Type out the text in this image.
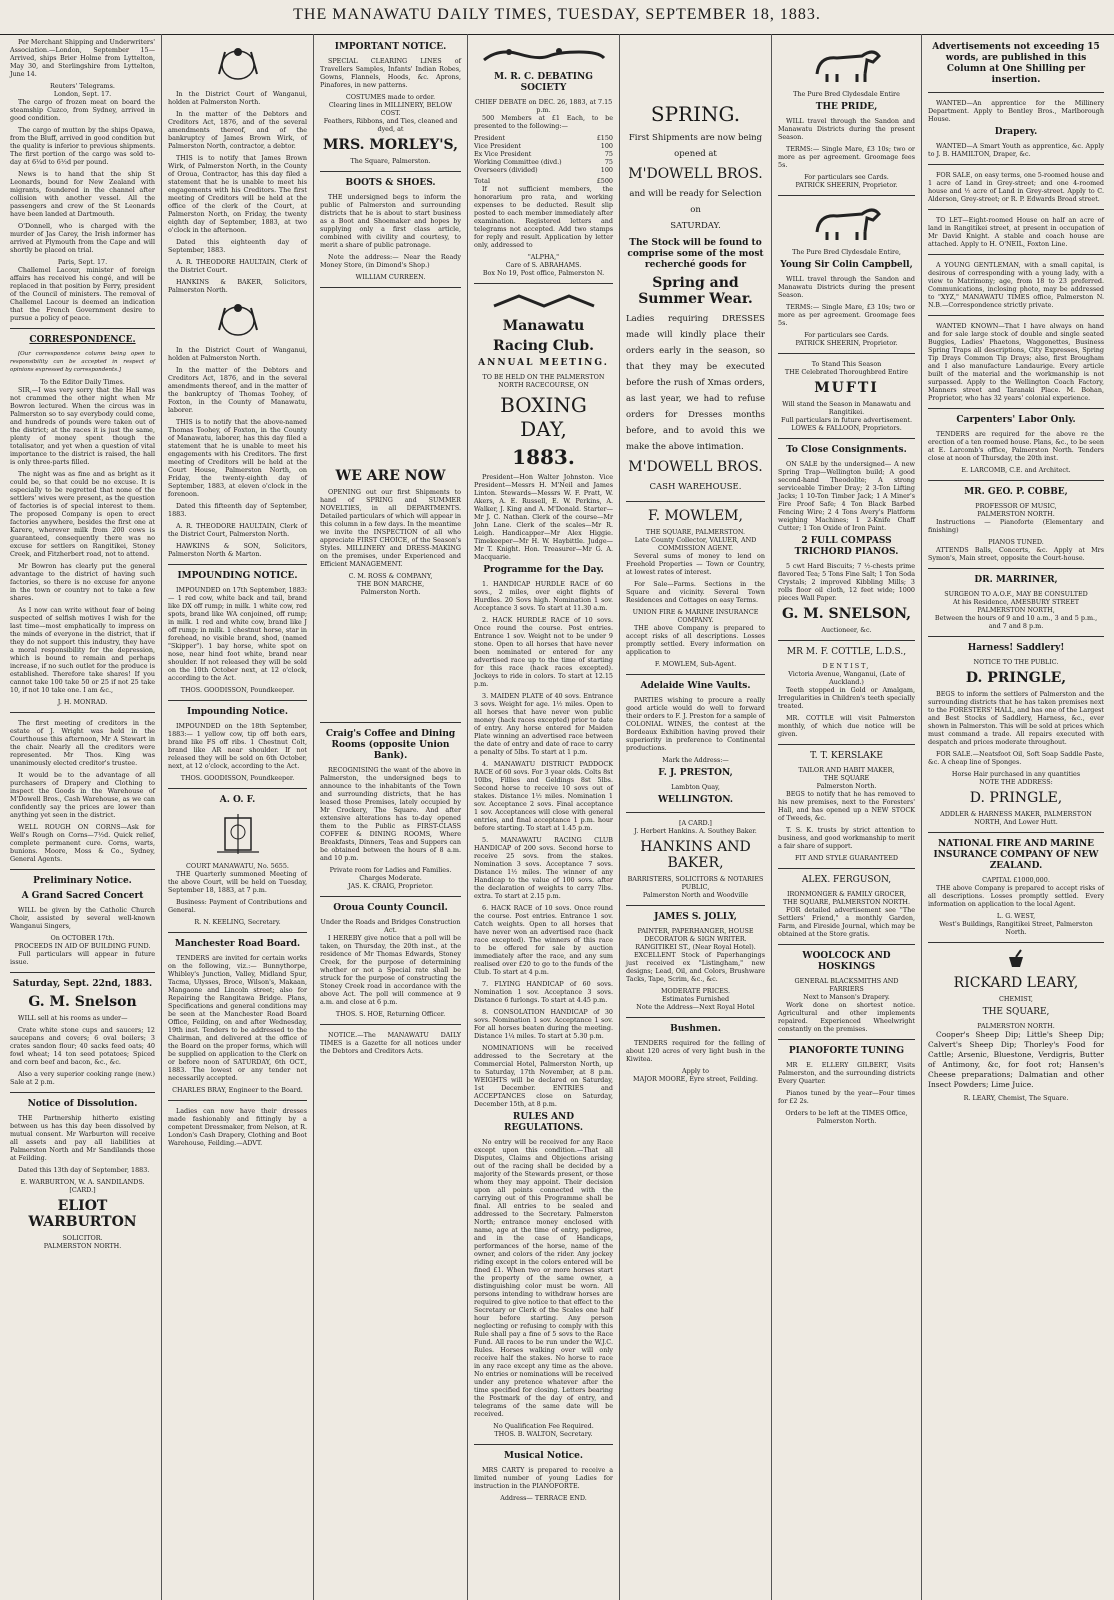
THE MANAWATU DAILY TIMES, TUESDAY, SEPTEMBER 18, 1883.

Per Merchant Shipping and Underwriters' Association.—London, September 15—Arrived, ships Brier Holme from Lyttelton, May 30, and Sterlingshire from Lyttelton, June 14.

Reuters' Telegrams.
London, Sept. 17.

The cargo of frozen meat on board the steamship Cuzco, from Sydney, arrived in good condition.

The cargo of mutton by the ships Opawa, from the Bluff, arrived in good condition but the quality is inferior to previous shipments. The first portion of the cargo was sold to-day at 6¼d to 6½d per pound.

News is to hand that the ship St Leonards, bound for New Zealand with migrants, foundered in the channel after collision with another vessel. All the passengers and crew of the St Leonards have been landed at Dartmouth.

O'Donnell, who is charged with the murder of Jas Carey, the Irish informer has arrived at Plymouth from the Cape and will shortly be placed on trial.

Paris, Sept. 17.

Challemel Lacour, minister of foreign affairs has received his congé, and will be replaced in that position by Ferry, president of the Council of ministers. The removal of Challemel Lacour is deemed an indication that the French Government desire to pursue a policy of peace.

CORRESPONDENCE.

[Our correspondence column being open to responsibility can be accepted in respect of opinions expressed by correspondents.]

To the Editor Daily Times.

SIR,—I was very sorry that the Hall was not crammed the other night when Mr Bowron lectured. When the circus was in Palmerston so to say everybody could come, and hundreds of pounds were taken out of the district; at the races it is just the same, plenty of money spent though the totalisator, and yet when a question of vital importance to the district is raised, the hall is only three-parts filled.

The night was as fine and as bright as it could be, so that could be no excuse. It is especially to be regretted that none of the settlers' wives were present, as the question of factories is of special interest to them. The proposed Company is open to erect factories anywhere, besides the first one at Karere, wherever milk from 200 cows is guaranteed, consequently there was no excuse for settlers on Rangitikei, Stoney Creek, and Fitzherbert road, not to attend.

Mr Bowron has clearly put the general advantage to the district of having such factories, so there is no excuse for anyone in the town or country not to take a few shares.

As I now can write without fear of being suspected of selfish motives I wish for the last time—most emphatically to impress on the minds of everyone in the district, that if they do not support this industry, they have a moral responsibility for the depression, which is bound to remain and perhaps increase, if no such outlet for the produce is established. Therefore take shares! If you cannot take 100 take 50 or 25 if not 25 take 10, if not 10 take one. I am &c.,

J. H. MONRAD.

The first meeting of creditors in the estate of J. Wright was held in the Courthouse this afternoon, Mr A Stewart in the chair. Nearly all the creditors were represented. Mr Thos. King was unanimously elected creditor's trustee.

It would be to the advantage of all purchasers of Drapery and Clothing to inspect the Goods in the Warehouse of M'Dowell Bros., Cash Warehouse, as we can confidently say the prices are lower than anything yet seen in the district.

WELL ROUGH ON CORNS—Ask for Well's Rough on Corns—7½d. Quick relief, complete permanent cure. Corns, warts, bunions. Moore, Moss & Co., Sydney, General Agents.

Preliminary Notice.
A Grand Sacred Concert

WILL be given by the Catholic Church Choir, assisted by several well-known Wanganui Singers,

On OCTOBER 17th.
PROCEEDS IN AID OF BUILDING FUND.

Full particulars will appear in future issue.

Saturday, Sept. 22nd, 1883.
G. M. Snelson

WILL sell at his rooms as under—

Crate white stone cups and saucers; 12 saucepans and covers; 6 oval boilers; 3 crates sandon flour; 40 sacks feed oats; 40 fowl wheat; 14 ton seed potatoes; Spiced and corn beef and bacon, &c., &c.

Also a very superior cooking range (new.) Sale at 2 p.m.

Notice of Dissolution.

THE Partnership hitherto existing between us has this day been dissolved by mutual consent. Mr Warburton will receive all assets and pay all liabilities at Palmerston North and Mr Sandilands those at Feilding.

Dated this 13th day of September, 1883.

E. WARBURTON, W. A. SANDILANDS.
[CARD.]
ELIOT WARBURTON
SOLICITOR.
PALMERSTON NORTH.

In the District Court of Wanganui, holden at Palmerston North.

In the matter of the Debtors and Creditors Act, 1876, and of the several amendments thereof, and of the bankruptcy of James Brown Wirk, of Palmerston North, contractor, a debtor.

THIS is to notify that James Brown Wirk, of Palmerston North, in the County of Oroua, Contractor, has this day filed a statement that he is unable to meet his engagements with his Creditors. The first meeting of Creditors will be held at the office of the clerk of the Court, at Palmerston North, on Friday, the twenty eighth day of September, 1883, at two o'clock in the afternoon.

Dated this eighteenth day of September, 1883.

A. R. THEODORE HAULTAIN, Clerk of the District Court.

HANKINS & BAKER, Solicitors, Palmerston North.

In the District Court of Wanganui, holden at Palmerston North.

In the matter of the Debtors and Creditors Act, 1876, and in the several amendments thereof, and in the matter of the bankruptcy of Thomas Toohey, of Foxton, in the County of Manawatu, laborer.

THIS is to notify that the above-named Thomas Toohey, of Foxton, in the County of Manawatu, laborer, has this day filed a statement that he is unable to meet his engagements with his Creditors. The first meeting of Creditors will be held at the Court House, Palmerston North, on Friday, the twenty-eighth day of September, 1883, at eleven o'clock in the forenoon.

Dated this fifteenth day of September, 1883.

A. R. THEODORE HAULTAIN, Clerk of the District Court, Palmerston North.

HAWKINS & SON, Solicitors, Palmerston North & Marton.

IMPOUNDING NOTICE.

IMPOUNDED on 17th September, 1883:— 1 red cow, white back and tail, brand like DX off rump; in milk. 1 white cow, red spots, brand like WA conjoined, off rump; in milk. 1 red and white cow, brand like J off rump; in milk. 1 chestnut horse, star in forehead, no visible brand, shod, (named "Skipper"). 1 bay horse, white spot on nose, near hind foot white, brand near shoulder. If not released they will be sold on the 10th October next, at 12 o'clock, according to the Act.

THOS. GOODISSON, Poundkeeper.
Impounding Notice.

IMPOUNDED on the 18th September, 1883:— 1 yellow cow, tip off both ears, brand like FS off ribs. 1 Chestnut Colt, brand like AR near shoulder. If not released they will be sold on 6th October, next, at 12 o'clock, according to the Act.

THOS. GOODISSON, Poundkeeper.
A. O. F.
COURT MANAWATU, No. 5655.

THE Quarterly summoned Meeting of the above Court, will be held on Tuesday, September 18, 1883, at 7 p.m.

Business: Payment of Contributions and General.

R. N. KEELING, Secretary.
Manchester Road Board.

TENDERS are invited for certain works on the following, viz.:— Bunnythorpe, Whibley's Junction, Valley, Midland Spur, Tacma, Ulysses, Broce, Wilson's, Makaan, Mangaone and Lincoln street; also for Repairing the Rangitawa Bridge. Plans, Specifications and general conditions may be seen at the Manchester Road Board Office, Feilding, on and after Wednesday, 19th inst. Tenders to be addressed to the Chairman, and delivered at the office of the Board on the proper forms, which will be supplied on application to the Clerk on or before noon of SATURDAY, 6th OCT., 1883. The lowest or any tender not necessarily accepted.

CHARLES BRAY, Engineer to the Board.

Ladies can now have their dresses made fashionably and fittingly by a competent Dressmaker, from Nelson, at R. London's Cash Drapery, Clothing and Boot Warehouse, Feilding.—ADVT.

IMPORTANT NOTICE.

SPECIAL CLEARING LINES of Travellers Samples, Infants' Indian Robes, Gowns, Flannels, Hoods, &c. Aprons, Pinafores, in new patterns.

COSTUMES made to order.
Clearing lines in MILLINERY, BELOW COST.
Feathers, Ribbons, and Ties, cleaned and dyed, at
MRS. MORLEY'S,
The Square, Palmerston.
BOOTS & SHOES.

THE undersigned begs to inform the public of Palmerston and surrounding districts that he is about to start business as a Boot and Shoemaker and hopes by supplying only a first class article, combined with civility and courtesy, to merit a share of public patronage.

Note the address:— Near the Ready Money Store, (in Dimond's Shop.)

WILLIAM CURREEN.
WE ARE NOW

OPENING out our first Shipments to hand of SPRING and SUMMER NOVELTIES, in all DEPARTMENTS. Detailed particulars of which will appear in this column in a few days. In the meantime we invite the INSPECTION of all who appreciate FIRST CHOICE, of the Season's Styles. MILLINERY and DRESS-MAKING on the premises, under Experienced and Efficient MANAGEMENT.

C. M. ROSS & COMPANY,
THE BON MARCHE,
Palmerston North.
Craig's Coffee and Dining Rooms (opposite Union Bank).

RECOGNISING the want of the above in Palmerston, the undersigned begs to announce to the inhabitants of the Town and surrounding districts, that he has leased those Premises, lately occupied by Mr Crockery, The Square. And after extensive alterations has to-day opened them to the Public as FIRST-CLASS COFFEE & DINING ROOMS, Where Breakfasts, Dinners, Teas and Suppers can be obtained between the hours of 8 a.m. and 10 p.m.

Private room for Ladies and Families.
Charges Moderate.
JAS. K. CRAIG, Proprietor.
Oroua County Council.
Under the Roads and Bridges Construction Act.

I HEREBY give notice that a poll will be taken, on Thursday, the 20th inst., at the residence of Mr Thomas Edwards, Stoney Creek, for the purpose of determining whether or not a Special rate shall be struck for the purpose of constructing the Stoney Creek road in accordance with the above Act. The poll will commence at 9 a.m. and close at 6 p.m.

THOS. S. HOE, Returning Officer.

NOTICE.—The MANAWATU DAILY TIMES is a Gazette for all notices under the Debtors and Creditors Acts.

M. R. C. DEBATING SOCIETY
CHIEF DEBATE on DEC. 26, 1883, at 7.15 p.m.

500 Members at £1 Each, to be presented to the following:—

President	£150
Vice President	100
Ex Vice President	75
Working Committee (divd.)	75
Overseers (divided)	100
Total	£500

If not sufficient members, the honorarium pro rata, and working expenses to be deducted. Result slip posted to each member immediately after examination. Registered letters and telegrams not accepted. Add two stamps for reply and result. Application by letter only, addressed to

"ALPHA,"
Care of S. ABRAHAMS.
Box No 19, Post office, Palmerston N.
Manawatu
Racing Club.
ANNUAL MEETING.
TO BE HELD ON THE PALMERSTON NORTH RACECOURSE, ON
BOXING DAY,
1883.

President—Hon Walter Johnston. Vice President—Messrs H. M'Neil and James Linton. Stewards—Messrs W. F. Pratt, W. Akers, A. E. Russell, E. W. Perkins, A. Walker, J. King and A. M'Donald. Starter—Mr J. C. Nathan. Clerk of the course—Mr John Lane. Clerk of the scales—Mr R. Leigh. Handicapper—Mr Alex Higgie. Timekeeper—Mr H. W. Haybittle. Judge—Mr T. Knight. Hon. Treasurer—Mr G. A. Macquarie.

Programme for the Day.

1. HANDICAP HURDLE RACE of 60 sovs., 2 miles, over eight flights of Hurdles. 20 Sovs high. Nomination 1 sov. Acceptance 3 sovs. To start at 11.30 a.m.

2. HACK HURDLE RACE of 10 sovs. Once round the course. Post entries. Entrance 1 sov. Weight not to be under 9 stone. Open to all horses that have never been nominated or entered for any advertised race up to the time of starting for this race (hack races excepted). Jockeys to ride in colors. To start at 12.15 p.m.

3. MAIDEN PLATE of 40 sovs. Entrance 3 sovs. Weight for age. 1½ miles. Open to all horses that have never won public money (hack races excepted) prior to date of entry. Any horse entered for Maiden Plate winning an advertised race between the date of entry and date of race to carry a penalty of 5lbs. To start at 1 p.m.

4. MANAWATU DISTRICT PADDOCK RACE of 60 sovs. For 3 year olds. Colts 8st 10lbs, Fillies and Geldings 8st 5lbs. Second horse to receive 10 sovs out of stakes. Distance 1½ miles. Nomination 1 sov. Acceptance 2 sovs. Final acceptance 1 sov. Acceptances will close with general entries, and final acceptance 1 p.m. hour before starting. To start at 1.45 p.m.

5. MANAWATU RACING CLUB HANDICAP of 200 sovs. Second horse to receive 25 sovs. from the stakes. Nomination 3 sovs. Acceptance 7 sovs. Distance 1½ miles. The winner of any Handicap to the value of 100 sovs. after the declaration of weights to carry 7lbs. extra. To start at 2.15 p.m.

6. HACK RACE of 10 sovs. Once round the course. Post entries. Entrance 1 sov. Catch weights. Open to all horses that have never won an advertised race (hack race excepted). The winners of this race to be offered for sale by auction immediately after the race, and any sum realised over £20 to go to the funds of the Club. To start at 4 p.m.

7. FLYING HANDICAP of 60 sovs. Nomination 1 sov. Acceptance 3 sovs. Distance 6 furlongs. To start at 4.45 p.m.

8. CONSOLATION HANDICAP of 30 sovs. Nomination 1 sov. Acceptance 1 sov. For all horses beaten during the meeting. Distance 1¼ miles. To start at 5.30 p.m.

NOMINATIONS will be received addressed to the Secretary at the Commercial Hotel, Palmerston North, up to Saturday, 17th November, at 8 p.m. WEIGHTS will be declared on Saturday, 1st December. ENTRIES and ACCEPTANCES close on Saturday, December 15th, at 8 p.m.

RULES AND REGULATIONS.

No entry will be received for any Race except upon this condition.—That all Disputes, Claims and Objections arising out of the racing shall be decided by a majority of the Stewards present, or those whom they may appoint. Their decision upon all points connected with the carrying out of this Programme shall be final. All entries to be sealed and addressed to the Secretary. Palmerston North; entrance money enclosed with name, age at the time of entry, pedigree, and in the case of Handicaps, performances of the horse, name of the owner, and colors of the rider. Any jockey riding except in the colors entered will be fined £1. When two or more horses start the property of the same owner, a distinguishing color must be worn. All persons intending to withdraw horses are required to give notice to that effect to the Secretary or Clerk of the Scales one half hour before starting. Any person neglecting or refusing to comply with this Rule shall pay a fine of 5 sovs to the Race Fund. All races to be run under the W.J.C. Rules. Horses walking over will only receive half the stakes. No horse to race in any race except any time as the above. No entries or nominations will be received under any pretence whatever after the time specified for closing. Letters bearing the Postmark of the day of entry, and telegrams of the same date will be received.

No Qualification Fee Required.
THOS. B. WALTON, Secretary.
Musical Notice.

MRS CARTY is prepared to receive a limited number of young Ladies for instruction in the PIANOFORTE.

Address— TERRACE END.
SPRING.
First Shipments are now being opened at
M'DOWELL BROS.
and will be ready for Selection on
SATURDAY.
The Stock will be found to comprise some of the most recherché goods for
Spring and Summer Wear.

Ladies requiring DRESSES made will kindly place their orders early in the season, so that they may be executed before the rush of Xmas orders, as last year, we had to refuse orders for Dresses months before, and to avoid this we make the above intimation.

M'DOWELL BROS.
CASH WAREHOUSE.
F. MOWLEM,
THE SQUARE, PALMERSTON.
Late County Collector, VALUER, AND COMMISSION AGENT.

Several sums of money to lend on Freehold Properties — Town or Country, at lowest rates of interest.

For Sale—Farms. Sections in the Square and vicinity. Several Town Residences and Cottages on easy Terms.

UNION FIRE & MARINE INSURANCE COMPANY.

THE above Company is prepared to accept risks of all descriptions. Losses promptly settled. Every information on application to

F. MOWLEM, Sub-Agent.
Adelaide Wine Vaults.

PARTIES wishing to procure a really good article would do well to forward their orders to F. J. Preston for a sample of COLONIAL WINES, the contest at the Bordeaux Exhibition having proved their superiority in preference to Continental productions.

Mark the Address:—
F. J. PRESTON,
Lambton Quay,
WELLINGTON.
[A CARD.]
J. Herbert Hankins. A. Southey Baker.
HANKINS AND BAKER,
BARRISTERS, SOLICITORS & NOTARIES PUBLIC,
Palmerston North and Woodville
JAMES S. JOLLY,
PAINTER, PAPERHANGER, HOUSE DECORATOR & SIGN WRITER.
RANGITIKEI ST., (Near Royal Hotel).

EXCELLENT Stock of Paperhangings just received ex "Listingham," new designs; Lead, Oil, and Colors, Brushware Tacks, Tape, Scrim, &c., &c.

MODERATE PRICES.
Estimates Furnished
Note the Address—Next Royal Hotel
Bushmen.

TENDERS required for the felling of about 120 acres of very light bush in the Kiwitea.

Apply to
MAJOR MOORE, Eyre street, Feilding.
The Pure Bred Clydesdale Entire
THE PRIDE,

WILL travel through the Sandon and Manawatu Districts during the present Season.

TERMS:— Single Mare, £3 10s; two or more as per agreement. Groomage fees 5s.

For particulars see Cards.
PATRICK SHEERIN, Proprietor.
The Pure Bred Clydesdale Entire,
Young Sir Colin Campbell,

WILL travel through the Sandon and Manawatu Districts during the present Season.

TERMS:— Single Mare, £3 10s; two or more as per agreement. Groomage fees 5s.

For particulars see Cards.
PATRICK SHEERIN, Proprietor.
To Stand This Season
THE Celebrated Thoroughbred Entire
MUFTI
Will stand the Season in Manawatu and Rangitikei.
Full particulars in future advertisement.
LOWES & FALLOON, Proprietors.
To Close Consignments.

ON SALE by the undersigned— A new Spring Trap—Wellington build; A good second-hand Theodolite; A strong serviceable Timber Dray; 2 3-Ton Lifting Jacks; 1 10-Ton Timber Jack; 1 A Miner's Fire Proof Safe; 4 Ton Black Barbed Fencing Wire; 2 4 Tons Avery's Platform weighing Machines; 1 2-Knife Chaff Cutter; 1 Ton Oxide of Iron Paint.

2 FULL COMPASS TRICHORD PIANOS.

5 cwt Hard Biscuits; 7 ½-chests prime flavored Tea; 5 Tons Fine Salt; 1 Ton Soda Crystals; 2 improved Kibbling Mills; 3 rolls floor oil cloth, 12 feet wide; 1000 pieces Wall Paper.

G. M. SNELSON,
Auctioneer, &c.
MR M. F. COTTLE, L.D.S.,
DENTIST,
Victoria Avenue, Wanganui, (Late of Auckland.)

Teeth stopped in Gold or Amalgam, Irregularities in Children's teeth specially treated.

MR. COTTLE will visit Palmerston monthly, of which due notice will be given.

T. T. KERSLAKE
TAILOR AND HABIT MAKER,
THE SQUARE
Palmerston North.

BEGS to notify that he has removed to his new premises, next to the Foresters' Hall, and has opened up a NEW STOCK of Tweeds, &c.

T. S. K. trusts by strict attention to business, and good workmanship to merit a fair share of support.

FIT AND STYLE GUARANTEED
ALEX. FERGUSON,
IRONMONGER & FAMILY GROCER,
THE SQUARE, PALMERSTON NORTH.

FOR detailed advertisement see "The Settlers' Friend," a monthly Garden, Farm, and Fireside Journal, which may be obtained at the Store gratis.

WOOLCOCK AND HOSKINGS
GENERAL BLACKSMITHS AND FARRIERS
Next to Manson's Drapery.

Work done on shortest notice. Agricultural and other implements repaired. Experienced Wheelwright constantly on the premises.

PIANOFORTE TUNING

MR E. ELLERY GILBERT, Visits Palmerston, and the surrounding districts Every Quarter.

Pianos tuned by the year—Four times for £2 2s.

Orders to be left at the TIMES Office, Palmerston North.
Advertisements not exceeding 15 words, are published in this Column at One Shilling per insertion.

WANTED—An apprentice for the Millinery Department. Apply to Bentley Bros., Marlborough House.

Drapery.

WANTED—A Smart Youth as apprentice, &c. Apply to J. B. HAMILTON, Draper, &c.

FOR SALE, on easy terms, one 5-roomed house and 1 acre of Land in Grey-street; and one 4-roomed house and ½ acre of Land in Grey-street. Apply to C. Alderson, Grey-street; or R. P. Edwards Broad street.

TO LET—Eight-roomed House on half an acre of land in Rangitikei street, at present in occupation of Mr David Knight. A stable and coach house are attached. Apply to H. O'NEIL, Foxton Line.

A YOUNG GENTLEMAN, with a small capital, is desirous of corresponding with a young lady, with a view to Matrimony; age, from 18 to 23 preferred. Communications, inclosing photo, may be addressed to "XYZ," MANAWATU TIMES office, Palmerston N. N.B.—Correspondence strictly private.

WANTED KNOWN—That I have always on hand and for sale large stock of double and single seated Buggies, Ladies' Phaetons, Waggonettes, Business Spring Traps all descriptions, City Expresses, Spring Tip Drays Common Tip Drays; also, first Brougham and I also manufacture Landaurige. Every article built of the material and the workmanship is not surpassed. Apply to the Wellington Coach Factory, Manners street and Taranaki Place. M. Bohan, Proprietor, who has 32 years' colonial experience.

Carpenters' Labor Only.

TENDERS are required for the above re the erection of a ten roomed house. Plans, &c., to be seen at E. Larcomb's office, Palmerston North. Tenders close at noon of Thursday, the 20th inst.

E. LARCOMB, C.E. and Architect.
MR. GEO. P. COBBE,
PROFESSOR OF MUSIC,
PALMERSTON NORTH.

Instructions — Pianoforte (Elementary and finishing)

PIANOS TUNED.

ATTENDS Balls, Concerts, &c. Apply at Mrs Symon's, Main street, opposite the Court-house.

DR. MARRINER,
SURGEON TO A.O.F., MAY BE CONSULTED
At his Residence, AMESBURY STREET PALMERSTON NORTH,
Between the hours of 9 and 10 a.m., 3 and 5 p.m., and 7 and 8 p.m.
Harness! Saddlery!
NOTICE TO THE PUBLIC.
D. PRINGLE,

BEGS to inform the settlers of Palmerston and the surrounding districts that he has taken premises next to the FORESTERS' HALL, and has one of the Largest and Best Stocks of Saddlery, Harness, &c., ever shown in Palmerston. This will be sold at prices which must command a trade. All repairs executed with despatch and prices moderate throughout.

FOR SALE.—Neatsfoot Oil, Soft Soap Saddle Paste, &c. A cheap line of Sponges.

Horse Hair purchased in any quantities
NOTE THE ADDRESS:
D. PRINGLE,
ADDLER & HARNESS MAKER, PALMERSTON NORTH, And Lower Hutt.
NATIONAL FIRE AND MARINE INSURANCE COMPANY OF NEW ZEALAND.
CAPITAL £1000,000.

THE above Company is prepared to accept risks of all descriptions. Losses promptly settled. Every information on application to the local Agent.

L. G. WEST,
West's Buildings, Rangitikei Street, Palmerston North.
RICKARD LEARY,
CHEMIST,
THE SQUARE,
PALMERSTON NORTH.

Cooper's Sheep Dip; Little's Sheep Dip; Calvert's Sheep Dip; Thorley's Food for Cattle; Arsenic, Bluestone, Verdigris, Butter of Antimony, &c, for foot rot; Hansen's Cheese preparations; Dalmatian and other Insect Powders; Lime Juice.

R. LEARY, Chemist, The Square.
